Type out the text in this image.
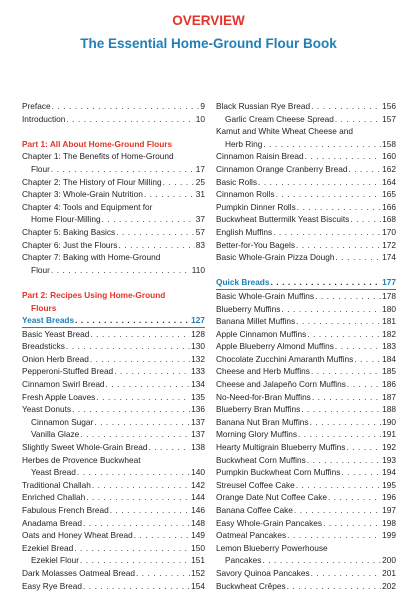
OVERVIEW
The Essential Home-Ground Flour Book
Preface . . .	9
Introduction . . .	10
Part 1: All About Home-Ground Flours
Chapter 1: The Benefits of Home-Ground
Flour . . .	17
Chapter 2: The History of Flour Milling . . .	25
Chapter 3: Whole-Grain Nutrition . . .	31
Chapter 4: Tools and Equipment for
Home Flour-Milling . . .	37
Chapter 5: Baking Basics . . .	57
Chapter 6: Just the Flours . . .	83
Chapter 7: Baking with Home-Ground
Flour . . .	110
Part 2: Recipes Using Home-Ground
Flours
Yeast Breads . . .	127
Basic Yeast Bread . . .	128
Breadsticks . . .	130
Onion Herb Bread . . .	132
Pepperoni-Stuffed Bread . . .	133
Cinnamon Swirl Bread . . .	134
Fresh Apple Loaves . . .	135
Yeast Donuts . . .	136
Cinnamon Sugar . . .	137
Vanilla Glaze . . .	137
Slightly Sweet Whole-Grain Bread . . .	138
Herbes de Provence Buckwheat
Yeast Bread . . .	140
Traditional Challah . . .	142
Enriched Challah . . .	144
Fabulous French Bread . . .	146
Anadama Bread . . .	148
Oats and Honey Wheat Bread . . .	149
Ezekiel Bread . . .	150
Ezekiel Flour . . .	151
Dark Molasses Oatmeal Bread . . .	152
Easy Rye Bread . . .	154
Black Russian Rye Bread . . .	156
Garlic Cream Cheese Spread . . .	157
Kamut and White Wheat Cheese and
Herb Ring . . .	158
Cinnamon Raisin Bread . . .	160
Cinnamon Orange Cranberry Bread . . .	162
Basic Rolls . . .	164
Cinnamon Rolls . . .	165
Pumpkin Dinner Rolls . . .	166
Buckwheat Buttermilk Yeast Biscuits . . .	168
English Muffins . . .	170
Better-for-You Bagels . . .	172
Basic Whole-Grain Pizza Dough . . .	174
Quick Breads . . .	177
Basic Whole-Grain Muffins . . .	178
Blueberry Muffins . . .	180
Banana Millet Muffins . . .	181
Apple Cinnamon Muffins . . .	182
Apple Blueberry Almond Muffins . . .	183
Chocolate Zucchini Amaranth Muffins . . .	184
Cheese and Herb Muffins . . .	185
Cheese and Jalapeño Corn Muffins . . .	186
No-Need-for-Bran Muffins . . .	187
Blueberry Bran Muffins . . .	188
Banana Nut Bran Muffins . . .	190
Morning Glory Muffins . . .	191
Hearty Multigrain Blueberry Muffins . . .	192
Buckwheat Corn Muffins . . .	193
Pumpkin Buckwheat Corn Muffins . . .	194
Streusel Coffee Cake . . .	195
Orange Date Nut Coffee Cake . . .	196
Banana Coffee Cake . . .	197
Easy Whole-Grain Pancakes . . .	198
Oatmeal Pancakes . . .	199
Lemon Blueberry Powerhouse
Pancakes . . .	200
Savory Quinoa Pancakes . . .	201
Buckwheat Crêpes . . .	202
